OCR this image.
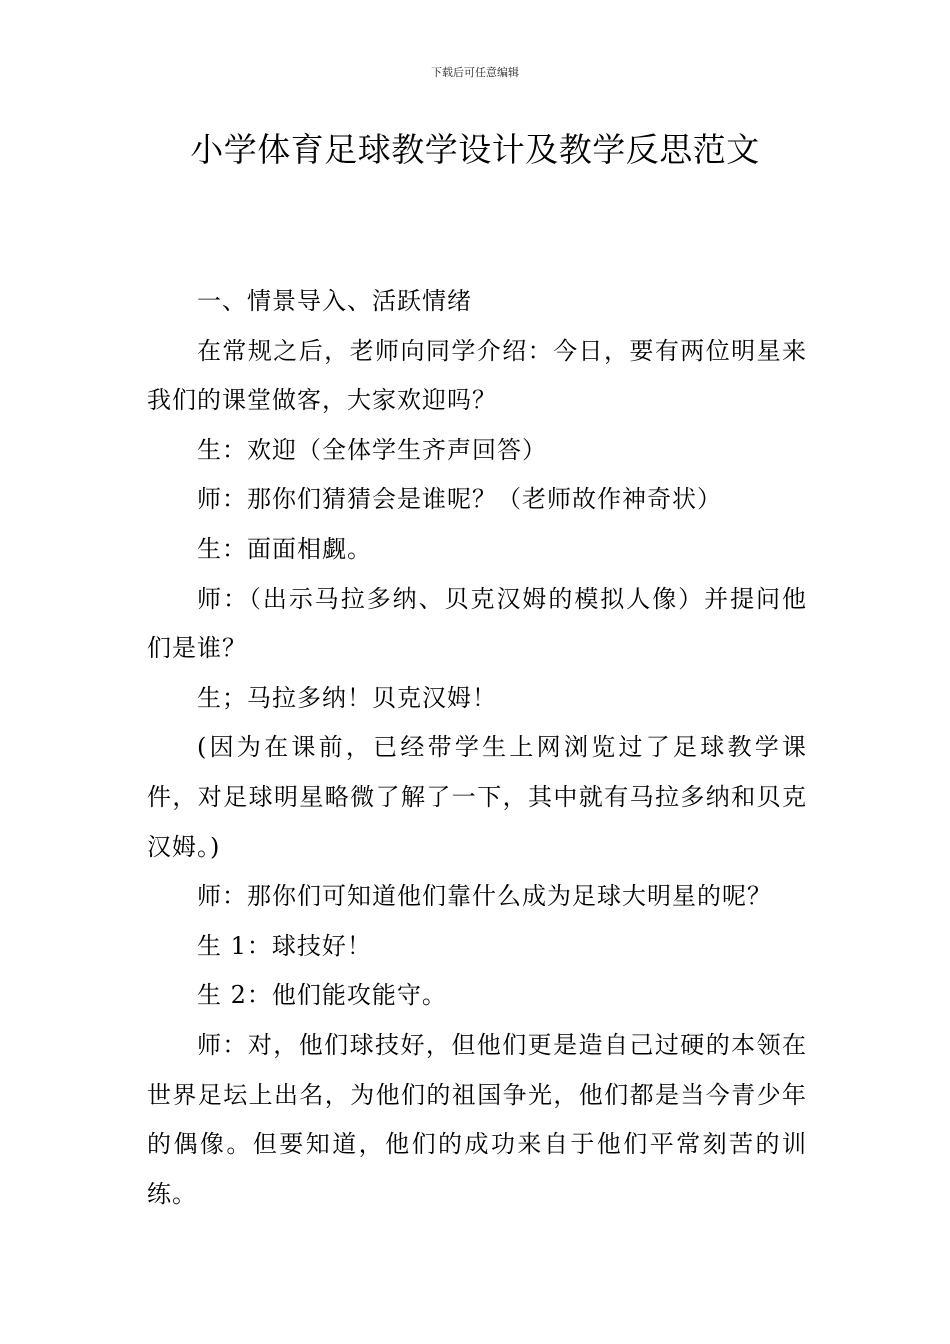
下载后可任意编辑
小学体育足球教学设计及教学反思范文

一、情景导入、活跃情绪

在常规之后，老师向同学介绍：今日，要有两位明星来我们的课堂做客，大家欢迎吗？

生：欢迎（全体学生齐声回答）

师：那你们猜猜会是谁呢？（老师故作神奇状）

生：面面相觑。

师：（出示马拉多纳、贝克汉姆的模拟人像）并提问他们是谁？

生；马拉多纳！贝克汉姆！

(因为在课前，已经带学生上网浏览过了足球教学课件，对足球明星略微了解了一下，其中就有马拉多纳和贝克汉姆。)

师：那你们可知道他们靠什么成为足球大明星的呢？

生 1：球技好！

生 2：他们能攻能守。

师：对，他们球技好，但他们更是造自己过硬的本领在世界足坛上出名，为他们的祖国争光，他们都是当今青少年的偶像。但要知道，他们的成功来自于他们平常刻苦的训练。
